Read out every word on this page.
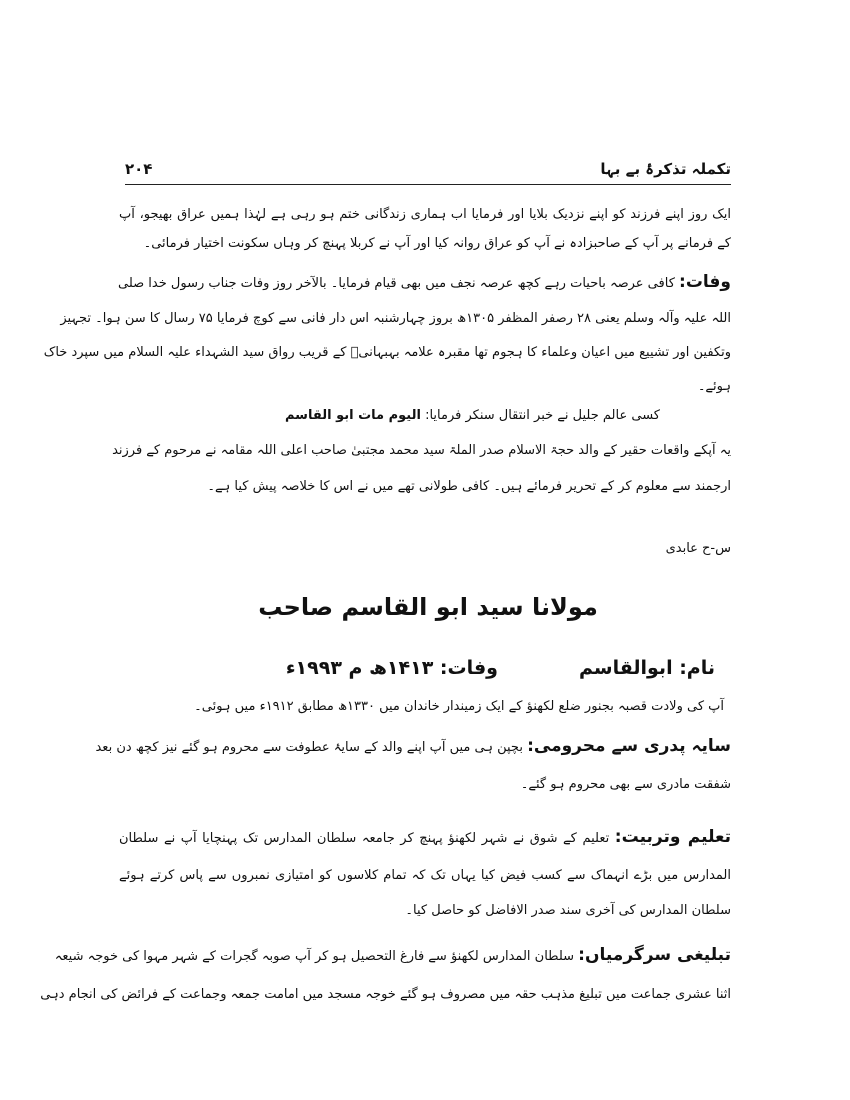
تکملہ تذکرۂ بے بہا
۲۰۴
ایک روز اپنے فرزند کو اپنے نزدیک بلایا اور فرمایا اب ہماری زندگانی ختم ہو رہی ہے لہٰذا ہمیں عراق بھیجو، آپ
کے فرمانے پر آپ کے صاحبزادہ نے آپ کو عراق روانہ کیا اور آپ نے کربلا پہنچ کر وہاں سکونت اختیار فرمائی۔
وفات: کافی عرصہ باحیات رہے کچھ عرصہ نجف میں بھی قیام فرمایا۔ بالآخر روز وفات جناب رسول خدا صلی
اللہ علیہ وآلہ وسلم یعنی ۲۸ رصفر المظفر ۱۳۰۵ھ بروز چہارشنبہ اس دار فانی سے کوچ فرمایا ۷۵ رسال کا سن ہوا۔ تجہیز
وتکفین اور تشییع میں اعیان وعلماء کا ہجوم تھا مقبرہ علامہ بہبہانیؒ کے قریب رواق سید الشہداء علیہ السلام میں سپرد خاک
ہوئے۔
کسی عالم جلیل نے خبر انتقال سنکر فرمایا: الیوم مات ابو القاسم
یہ آپکے واقعات حقیر کے والد حجۃ الاسلام صدر الملۃ سید محمد مجتبیٰ صاحب اعلی اللہ مقامہ نے مرحوم کے فرزند
ارجمند سے معلوم کر کے تحریر فرمائے ہیں۔ کافی طولانی تھے میں نے اس کا خلاصہ پیش کیا ہے۔
س-ح عابدی
مولانا سید ابو القاسم صاحب
نام: ابوالقاسم
وفات: ۱۴۱۳ھ م ۱۹۹۳ء
آپ کی ولادت قصبہ بجنور ضلع لکھنؤ کے ایک زمیندار خاندان میں ۱۳۳۰ھ مطابق ۱۹۱۲ء میں ہوئی۔
سایہ پدری سے محرومی: بچپن ہی میں آپ اپنے والد کے سایۂ عطوفت سے محروم ہو گئے نیز کچھ دن بعد
شفقت مادری سے بھی محروم ہو گئے۔
تعلیم وتربیت: تعلیم کے شوق نے شہر لکھنؤ پہنچ کر جامعہ سلطان المدارس تک پہنچایا آپ نے سلطان
المدارس میں بڑے انہماک سے کسب فیض کیا یہاں تک کہ تمام کلاسوں کو امتیازی نمبروں سے پاس کرتے ہوئے
سلطان المدارس کی آخری سند صدر الافاضل کو حاصل کیا۔
تبلیغی سرگرمیاں: سلطان المدارس لکھنؤ سے فارغ التحصیل ہو کر آپ صوبہ گجرات کے شہر مہوا کی خوجہ شیعہ
اثنا عشری جماعت میں تبلیغ مذہب حقہ میں مصروف ہو گئے خوجہ مسجد میں امامت جمعہ وجماعت کے فرائض کی انجام دہی
